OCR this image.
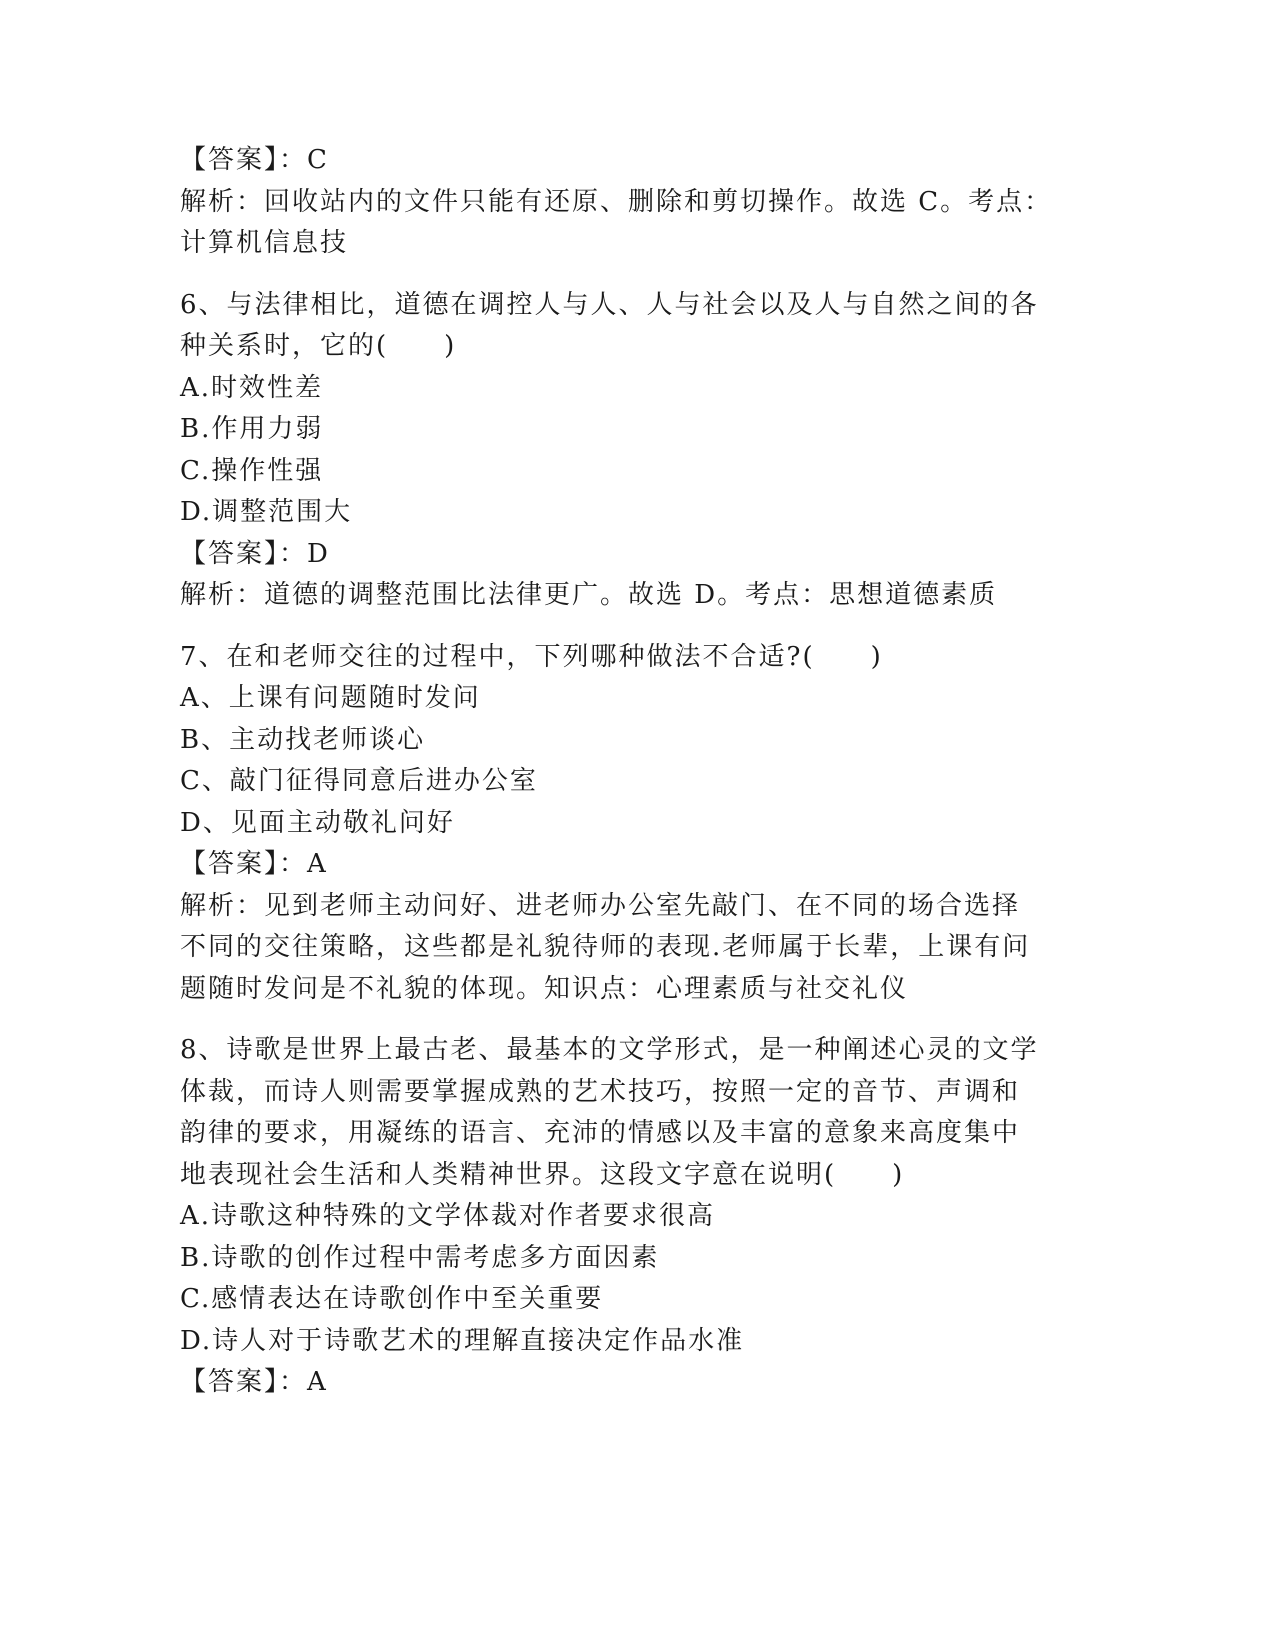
【答案】：C
解析：回收站内的文件只能有还原、删除和剪切操作。故选 C。考点：
计算机信息技
6、与法律相比，道德在调控人与人、人与社会以及人与自然之间的各
种关系时，它的(　　)
A.时效性差
B.作用力弱
C.操作性强
D.调整范围大
【答案】：D
解析：道德的调整范围比法律更广。故选 D。考点：思想道德素质
7、在和老师交往的过程中，下列哪种做法不合适?(　　)
A、上课有问题随时发问
B、主动找老师谈心
C、敲门征得同意后进办公室
D、见面主动敬礼问好
【答案】：A
解析：见到老师主动问好、进老师办公室先敲门、在不同的场合选择
不同的交往策略，这些都是礼貌待师的表现.老师属于长辈，上课有问
题随时发问是不礼貌的体现。知识点：心理素质与社交礼仪
8、诗歌是世界上最古老、最基本的文学形式，是一种阐述心灵的文学
体裁，而诗人则需要掌握成熟的艺术技巧，按照一定的音节、声调和
韵律的要求，用凝练的语言、充沛的情感以及丰富的意象来高度集中
地表现社会生活和人类精神世界。这段文字意在说明(　　)
A.诗歌这种特殊的文学体裁对作者要求很高
B.诗歌的创作过程中需考虑多方面因素
C.感情表达在诗歌创作中至关重要
D.诗人对于诗歌艺术的理解直接决定作品水准
【答案】：A
